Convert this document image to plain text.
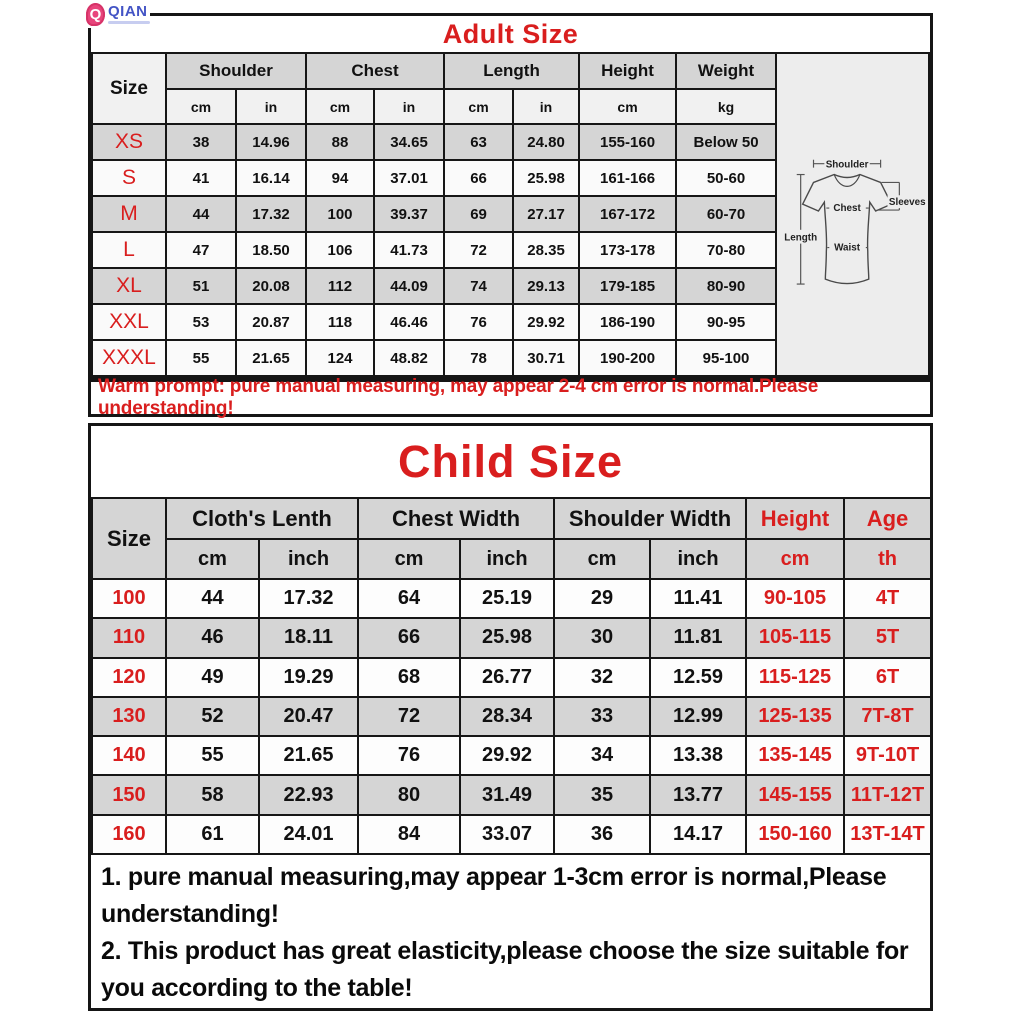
Adult Size
Size	Shoulder		Chest		Length		Height	Weight
	cm	in	cm	in	cm	in	cm	kg
XS	38	14.96	88	34.65	63	24.80	155-160	Below 50
S	41	16.14	94	37.01	66	25.98	161-166	50-60
M	44	17.32	100	39.37	69	27.17	167-172	60-70
L	47	18.50	106	41.73	72	28.35	173-178	70-80
XL	51	20.08	112	44.09	74	29.13	179-185	80-90
XXL	53	20.87	118	46.46	76	29.92	186-190	90-95
XXXL	55	21.65	124	48.82	78	30.71	190-200	95-100
Shoulder
Length
Chest
Waist
Sleeves
Warm prompt: pure manual measuring, may appear 2-4 cm error is normal.Please understanding!
Child Size
Size	Cloth's Lenth		Chest Width		Shoulder Width		Height	Age
	cm	inch	cm	inch	cm	inch	cm	th
100	44	17.32	64	25.19	29	11.41	90-105	4T
110	46	18.11	66	25.98	30	11.81	105-115	5T
120	49	19.29	68	26.77	32	12.59	115-125	6T
130	52	20.47	72	28.34	33	12.99	125-135	7T-8T
140	55	21.65	76	29.92	34	13.38	135-145	9T-10T
150	58	22.93	80	31.49	35	13.77	145-155	11T-12T
160	61	24.01	84	33.07	36	14.17	150-160	13T-14T
1. pure manual measuring,may appear 1-3cm error is normal,Please understanding!
2. This product has great elasticity,please choose the size suitable for you according to the table!
Q QIAN
